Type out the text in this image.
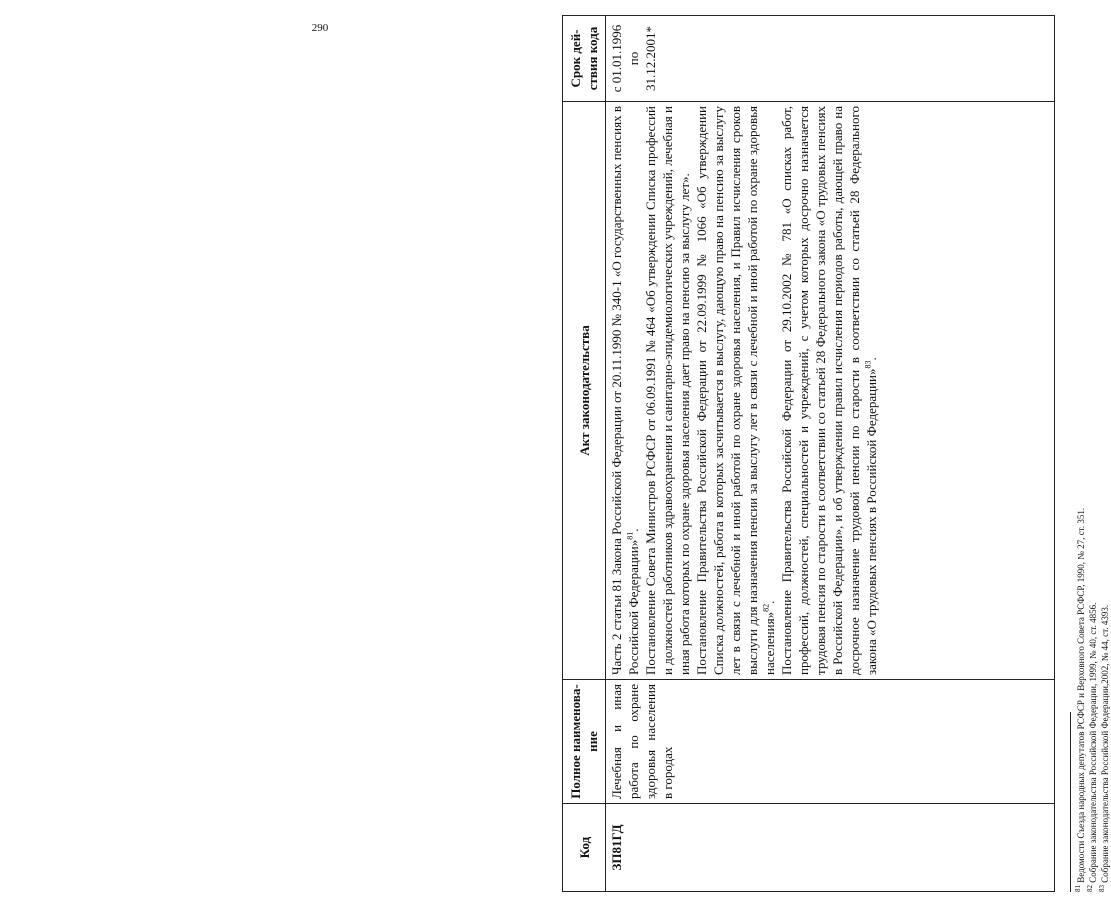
290
Код	Полное наименова-ние	Акт законодательства	Срок дей-ствия кода
ЗП81ГД	Лечебная и иная работа по охране здоровья населения в городах	Часть 2 статьи 81 Закона Российской Федерации от 20.11.1990 № 340-1 «О государственных пенсиях в Российской Федерации»$^{81}$. Постановление Совета Министров РСФСР от 06.09.1991 № 464 «Об утверждении Списка профессий и должностей работников здравоохранения и санитарно-эпидемиологических учреждений, лечебная и иная работа которых по охране здоровья населения дает право на пенсию за выслугу лет». Постановление Правительства Российской Федерации от 22.09.1999 № 1066 «Об утверждении Списка должностей, работа в которых засчитывается в выслугу, дающую право на пенсию за выслугу лет в связи с лечебной и иной работой по охране здоровья населения, и Правил исчисления сроков выслуги для назначения пенсии за выслугу лет в связи с лечебной и иной работой по охране здоровья населения»$^{82}$. Постановление Правительства Российской Федерации от 29.10.2002 № 781 «О списках работ, профессий, должностей, специальностей и учреждений, с учетом которых досрочно назначается трудовая пенсия по старости в соответствии со статьей 28 Федерального закона «О трудовых пенсиях в Российской Федерации», и об утверждении правил исчисления периодов работы, дающей право на досрочное назначение трудовой пенсии по старости в соответствии со статьей 28 Федерального закона «О трудовых пенсиях в Российской Федерации»$^{83}$.	с 01.01.1996 по 31.12.2001*
$^{81}$ Ведомости Съезда народных депутатов РСФСР и Верховного Совета РСФСР, 1990, № 27, ст. 351.
$^{82}$ Собрание законодательства Российской Федерации, 1999, № 40, ст. 4856.
$^{83}$ Собрание законодательства Российской Федерации,2002, № 44, ст. 4393.
